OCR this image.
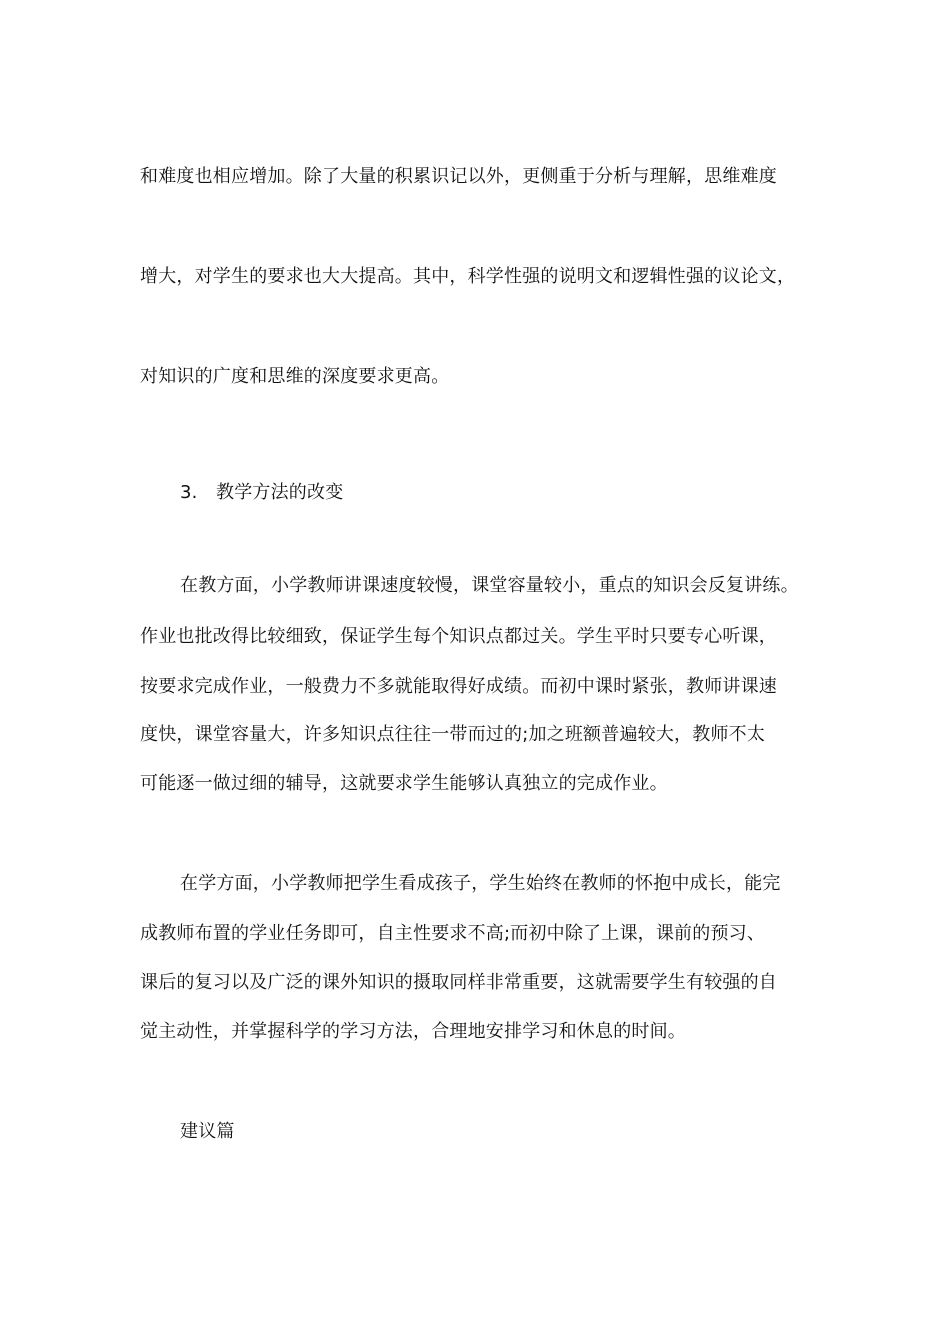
和难度也相应增加。除了大量的积累识记以外，更侧重于分析与理解，思维难度
增大，对学生的要求也大大提高。其中，科学性强的说明文和逻辑性强的议论文，
对知识的广度和思维的深度要求更高。
3. 教学方法的改变
在教方面，小学教师讲课速度较慢，课堂容量较小，重点的知识会反复讲练。
作业也批改得比较细致，保证学生每个知识点都过关。学生平时只要专心听课，
按要求完成作业，一般费力不多就能取得好成绩。而初中课时紧张，教师讲课速
度快，课堂容量大，许多知识点往往一带而过的;加之班额普遍较大，教师不太
可能逐一做过细的辅导，这就要求学生能够认真独立的完成作业。
在学方面，小学教师把学生看成孩子，学生始终在教师的怀抱中成长，能完
成教师布置的学业任务即可，自主性要求不高;而初中除了上课，课前的预习、
课后的复习以及广泛的课外知识的摄取同样非常重要，这就需要学生有较强的自
觉主动性，并掌握科学的学习方法，合理地安排学习和休息的时间。
建议篇
